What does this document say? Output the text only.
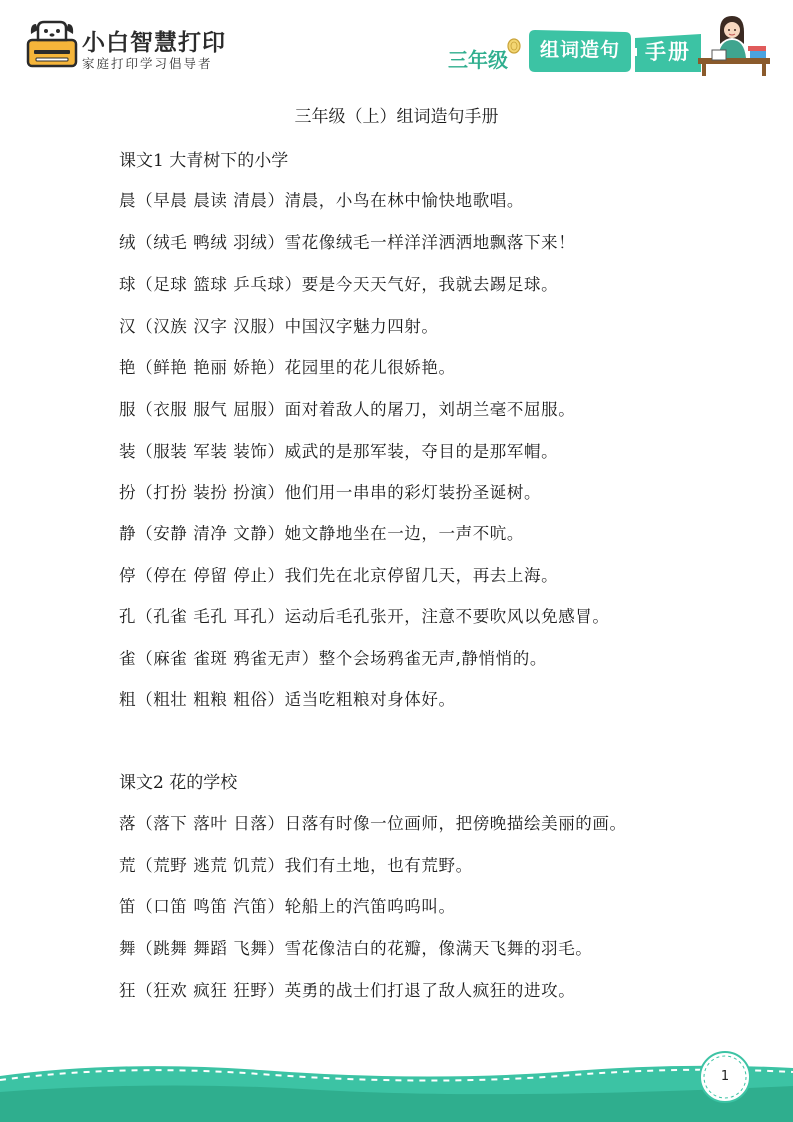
小白智慧打印
家庭打印学习倡导者	三年级 组词造句 手册
三年级（上）组词造句手册
课文1 大青树下的小学
晨（早晨 晨读 清晨）清晨，小鸟在林中愉快地歌唱。
绒（绒毛 鸭绒 羽绒）雪花像绒毛一样洋洋洒洒地飘落下来！
球（足球 篮球 乒乓球）要是今天天气好，我就去踢足球。
汉（汉族 汉字 汉服）中国汉字魅力四射。
艳（鲜艳 艳丽 娇艳）花园里的花儿很娇艳。
服（衣服 服气 屈服）面对着敌人的屠刀，刘胡兰毫不屈服。
装（服装 军装 装饰）威武的是那军装，夺目的是那军帽。
扮（打扮 装扮 扮演）他们用一串串的彩灯装扮圣诞树。
静（安静 清净 文静）她文静地坐在一边，一声不吭。
停（停在 停留 停止）我们先在北京停留几天，再去上海。
孔（孔雀 毛孔 耳孔）运动后毛孔张开，注意不要吹风以免感冒。
雀（麻雀 雀斑 鸦雀无声）整个会场鸦雀无声,静悄悄的。
粗（粗壮 粗粮 粗俗）适当吃粗粮对身体好。
课文2 花的学校
落（落下 落叶 日落）日落有时像一位画师，把傍晚描绘美丽的画。
荒（荒野 逃荒 饥荒）我们有土地，也有荒野。
笛（口笛 鸣笛 汽笛）轮船上的汽笛呜呜叫。
舞（跳舞 舞蹈 飞舞）雪花像洁白的花瓣，像满天飞舞的羽毛。
狂（狂欢 疯狂 狂野）英勇的战士们打退了敌人疯狂的进攻。
1
